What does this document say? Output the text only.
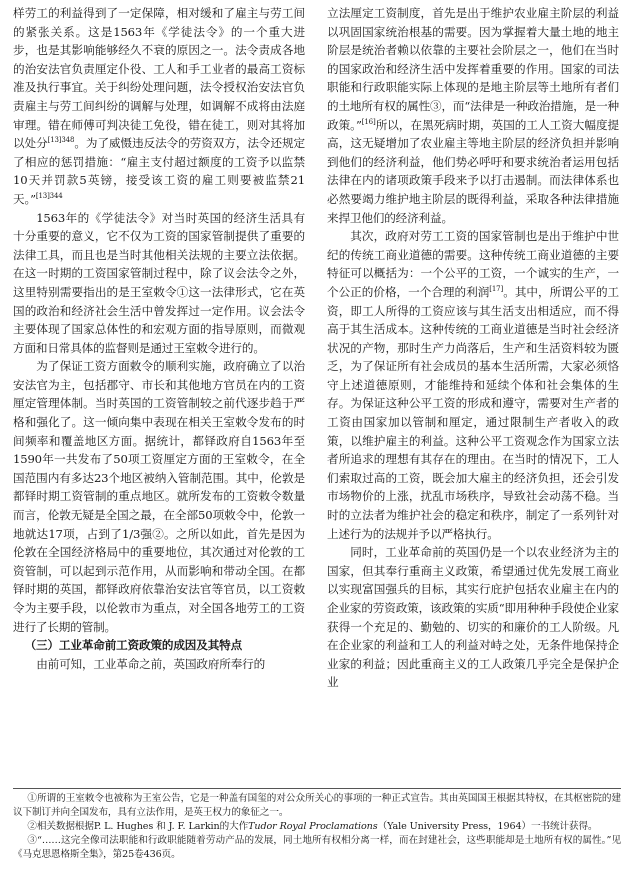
样劳工的利益得到了一定保障，相对缓和了雇主与劳工间的紧张关系。这是1563年《学徒法令》的一个重大进步，也是其影响能够经久不衰的原因之一。法令责成各地的治安法官负责厘定仆役、工人和手工业者的最高工资标准及执行事宜。关于纠纷处理问题，法令授权治安法官负责雇主与劳工间纠纷的调解与处理，如调解不成将由法庭审理。错在师傅可判决徒工免役，错在徒工，则对其将加以处分$^{[13]348}$。为了威慑违反法令的劳资双方，法令还规定了相应的惩罚措施：“雇主支付超过额度的工资予以监禁10天并罚款5英镑，接受该工资的雇工则要被监禁21天。”$^{[13]344}$

1563年的《学徒法令》对当时英国的经济生活具有十分重要的意义，它不仅为工资的国家管制提供了重要的法律工具，而且也是当时其他相关法规的主要立法依据。在这一时期的工资国家管制过程中，除了议会法令之外，这里特别需要指出的是王室敕令①这一法律形式，它在英国的政治和经济社会生活中曾发挥过一定作用。议会法令主要体现了国家总体性的和宏观方面的指导原则，而微观方面和日常具体的监督则是通过王室敕令进行的。

为了保证工资方面敕令的顺利实施，政府确立了以治安法官为主，包括郡守、市长和其他地方官员在内的工资厘定管理体制。当时英国的工资管制较之前代逐步趋于严格和强化了。这一倾向集中表现在相关王室敕令发布的时间频率和覆盖地区方面。据统计，都铎政府自1563年至1590年一共发布了50项工资厘定方面的王室敕令，在全国范围内有多达23个地区被纳入管制范围。其中，伦敦是都铎时期工资管制的重点地区。就所发布的工资敕令数量而言，伦敦无疑是全国之最，在全部50项敕令中，伦敦一地就达17项，占到了1/3强②。之所以如此，首先是因为伦敦在全国经济格局中的重要地位，其次通过对伦敦的工资管制，可以起到示范作用，从而影响和带动全国。在都铎时期的英国，都铎政府依靠治安法官等官员，以工资敕令为主要手段，以伦敦市为重点，对全国各地劳工的工资进行了长期的管制。

（三）工业革命前工资政策的成因及其特点

由前可知，工业革命之前，英国政府所奉行的

立法厘定工资制度，首先是出于维护农业雇主阶层的利益以巩固国家统治根基的需要。因为掌握着大量土地的地主阶层是统治者赖以依靠的主要社会阶层之一，他们在当时的国家政治和经济生活中发挥着重要的作用。国家的司法职能和行政职能实际上体现的是地主阶层等土地所有者们的土地所有权的属性③，而“法律是一种政治措施，是一种政策。”[16]所以，在黑死病时期，英国的工人工资大幅度提高，这无疑增加了农业雇主等地主阶层的经济负担并影响到他们的经济利益，他们势必呼吁和要求统治者运用包括法律在内的诸项政策手段来予以打击遏制。而法律体系也必然要竭力维护地主阶层的既得利益，采取各种法律措施来捍卫他们的经济利益。

其次，政府对劳工工资的国家管制也是出于维护中世纪的传统工商业道德的需要。这种传统工商业道德的主要特征可以概括为：一个公平的工资，一个诚实的生产，一个公正的价格，一个合理的利润[17]。其中，所谓公平的工资，即工人所得的工资应该与其生活支出相适应，而不得高于其生活成本。这种传统的工商业道德是当时社会经济状况的产物，那时生产力尚落后，生产和生活资料较为匮乏，为了保证所有社会成员的基本生活所需，大家必须恪守上述道德原则，才能维持和延续个体和社会集体的生存。为保证这种公平工资的形成和遵守，需要对生产者的工资由国家加以管制和厘定，通过限制生产者收入的政策，以维护雇主的利益。这种公平工资观念作为国家立法者所追求的理想有其存在的理由。在当时的情况下，工人们索取过高的工资，既会加大雇主的经济负担，还会引发市场物价的上涨，扰乱市场秩序，导致社会动荡不稳。当时的立法者为维护社会的稳定和秩序，制定了一系列针对上述行为的法规并予以严格执行。

同时，工业革命前的英国仍是一个以农业经济为主的国家，但其奉行重商主义政策，希望通过优先发展工商业以实现富国强兵的目标，其实行庇护包括农业雇主在内的企业家的劳资政策，该政策的实质“即用种种手段使企业家获得一个充足的、勤勉的、切实的和廉价的工人阶级。凡在企业家的利益和工人的利益对峙之处，无条件地保持企业家的利益；因此重商主义的工人政策几乎完全是保护企业

①所谓的王室敕令也被称为王室公告，它是一种盖有国玺的对公众所关心的事项的一种正式宣告。其由英国国王根据其特权，在其枢密院的建议下制订并向全国发布，具有立法作用，是英王权力的象征之一。

②相关数据根据P. L. Hughes 和 J. F. Larkin的大作Tudor Royal Proclamations（Yale University Press，1964）一书统计获得。

③“……这完全像司法职能和行政职能随着劳动产品的发展，同土地所有权相分离一样，而在封建社会，这些职能却是土地所有权的属性。”见《马克思恩格斯全集》，第25卷436页。
